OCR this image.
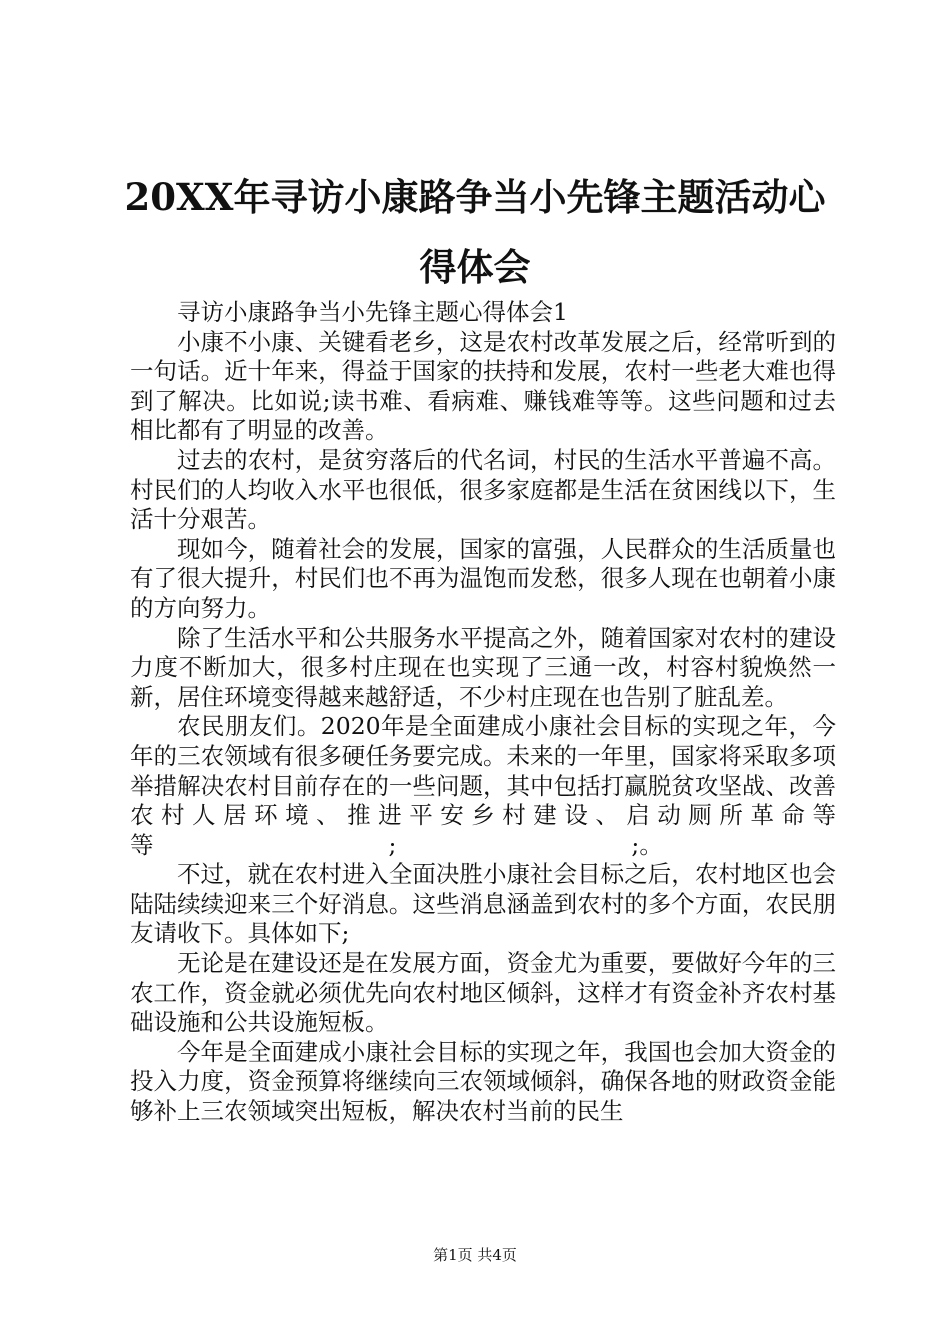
20XX年寻访小康路争当小先锋主题活动心得体会

寻访小康路争当小先锋主题心得体会1

小康不小康、关键看老乡，这是农村改革发展之后，经常听到的一句话。近十年来，得益于国家的扶持和发展，农村一些老大难也得到了解决。比如说;读书难、看病难、赚钱难等等。这些问题和过去相比都有了明显的改善。

过去的农村，是贫穷落后的代名词，村民的生活水平普遍不高。村民们的人均收入水平也很低，很多家庭都是生活在贫困线以下，生活十分艰苦。

现如今，随着社会的发展，国家的富强，人民群众的生活质量也有了很大提升，村民们也不再为温饱而发愁，很多人现在也朝着小康的方向努力。

除了生活水平和公共服务水平提高之外，随着国家对农村的建设力度不断加大，很多村庄现在也实现了三通一改，村容村貌焕然一新，居住环境变得越来越舒适，不少村庄现在也告别了脏乱差。

农民朋友们。2020年是全面建成小康社会目标的实现之年，今年的三农领域有很多硬任务要完成。未来的一年里，国家将采取多项举措解决农村目前存在的一些问题，其中包括打赢脱贫攻坚战、改善农村人居环境、推进平安乡村建设、启动厕所革命等等　　　　　　　　　　;　　　　　　　　　　;。

不过，就在农村进入全面决胜小康社会目标之后，农村地区也会陆陆续续迎来三个好消息。这些消息涵盖到农村的多个方面，农民朋友请收下。具体如下;

无论是在建设还是在发展方面，资金尤为重要，要做好今年的三农工作，资金就必须优先向农村地区倾斜，这样才有资金补齐农村基础设施和公共设施短板。

今年是全面建成小康社会目标的实现之年，我国也会加大资金的投入力度，资金预算将继续向三农领域倾斜，确保各地的财政资金能够补上三农领域突出短板，解决农村当前的民生

第1页 共4页
